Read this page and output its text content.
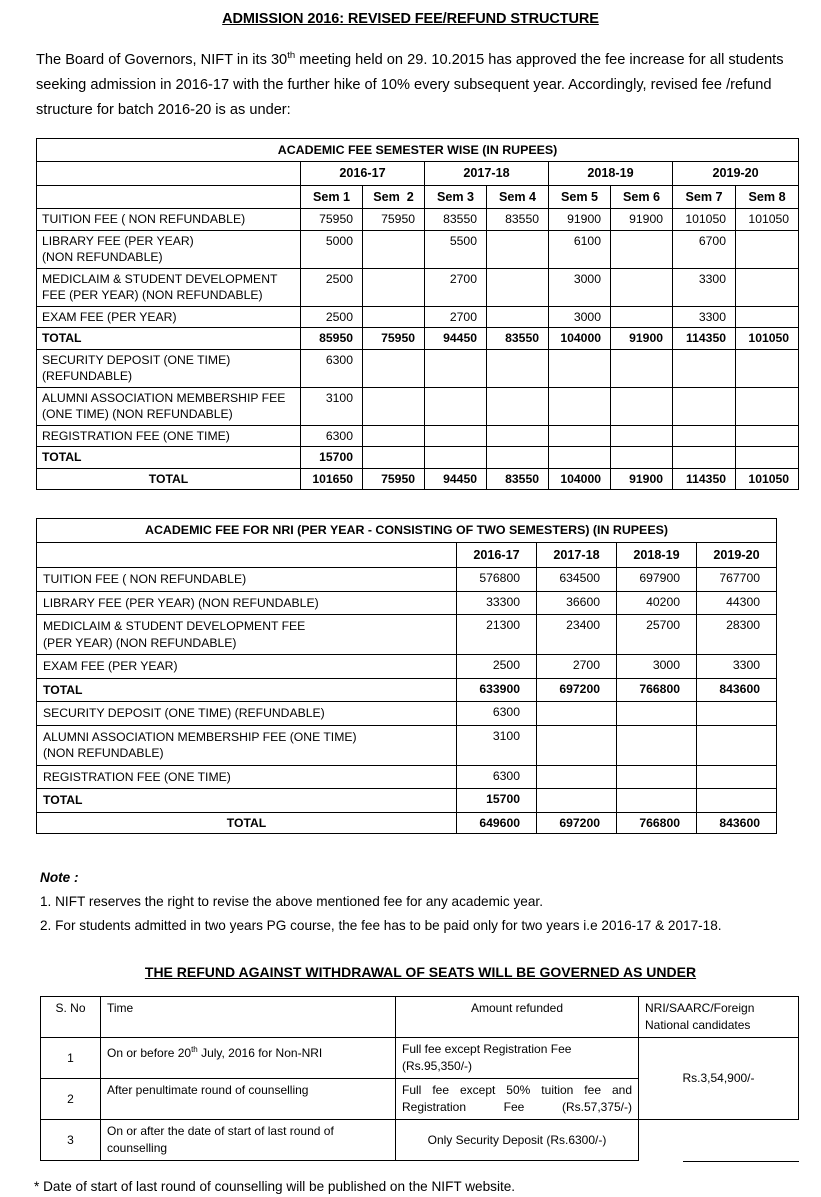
ADMISSION 2016: REVISED FEE/REFUND STRUCTURE

The Board of Governors, NIFT in its 30th meeting held on 29. 10.2015 has approved the fee increase for all students seeking admission in 2016-17 with the further hike of 10% every subsequent year. Accordingly, revised fee /refund structure for batch 2016-20 is as under:

ACADEMIC FEE SEMESTER WISE (IN RUPEES)								
	2016-17		2017-18		2018-19		2019-20	
	Sem 1	Sem  2	Sem 3	Sem 4	Sem 5	Sem 6	Sem 7	Sem 8
TUITION FEE ( NON REFUNDABLE)	75950	75950	83550	83550	91900	91900	101050	101050
LIBRARY FEE (PER YEAR)
(NON REFUNDABLE)	5000		5500		6100		6700	
MEDICLAIM & STUDENT DEVELOPMENT
FEE (PER YEAR) (NON REFUNDABLE)	2500		2700		3000		3300	
EXAM FEE (PER YEAR)	2500		2700		3000		3300	
TOTAL	85950	75950	94450	83550	104000	91900	114350	101050
SECURITY DEPOSIT (ONE TIME)
(REFUNDABLE)	6300							
ALUMNI ASSOCIATION MEMBERSHIP FEE
(ONE TIME) (NON REFUNDABLE)	3100							
REGISTRATION FEE (ONE TIME)	6300							
TOTAL	15700							
TOTAL	101650	75950	94450	83550	104000	91900	114350	101050
ACADEMIC FEE FOR NRI (PER YEAR - CONSISTING OF TWO SEMESTERS) (IN RUPEES)				
	2016-17	2017-18	2018-19	2019-20
TUITION FEE ( NON REFUNDABLE)	576800	634500	697900	767700
LIBRARY FEE (PER YEAR) (NON REFUNDABLE)	33300	36600	40200	44300
MEDICLAIM & STUDENT DEVELOPMENT FEE
(PER YEAR) (NON REFUNDABLE)	21300	23400	25700	28300
EXAM FEE (PER YEAR)	2500	2700	3000	3300
TOTAL	633900	697200	766800	843600
SECURITY DEPOSIT (ONE TIME) (REFUNDABLE)	6300			
ALUMNI ASSOCIATION MEMBERSHIP FEE (ONE TIME)
(NON REFUNDABLE)	3100			
REGISTRATION FEE (ONE TIME)	6300			
TOTAL	15700			
TOTAL	649600	697200	766800	843600
Note :
1. NIFT reserves the right to revise the above mentioned fee for any academic year.
2. For students admitted in two years PG course, the fee has to be paid only for two years i.e 2016-17 & 2017-18.
THE REFUND AGAINST WITHDRAWAL OF SEATS WILL BE GOVERNED AS UNDER
S. No	Time	Amount refunded	NRI/SAARC/Foreign
National candidates
1	On or before 20th July, 2016 for Non-NRI	Full fee except Registration Fee
(Rs.95,350/-)	Rs.3,54,900/-
2	After penultimate round of counselling	Full fee except 50% tuition fee and Registration Fee (Rs.57,375/-)	
3	On or after the date of start of last round of counselling	Only Security Deposit (Rs.6300/-)	
* Date of start of last round of counselling will be published on the NIFT website.
